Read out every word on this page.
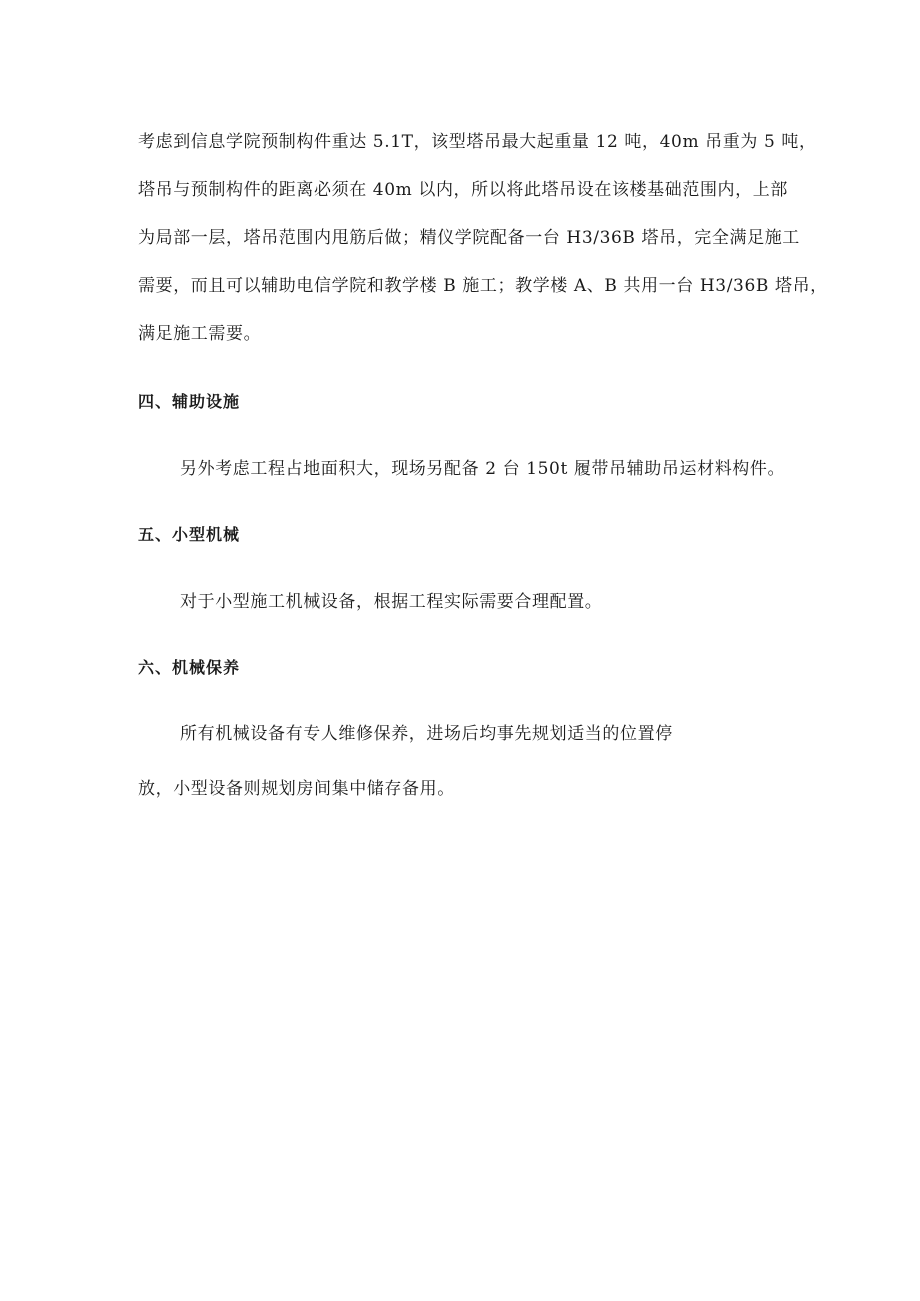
考虑到信息学院预制构件重达 5.1T，该型塔吊最大起重量 12 吨，40m 吊重为 5 吨，
塔吊与预制构件的距离必须在 40m 以内，所以将此塔吊设在该楼基础范围内，上部
为局部一层，塔吊范围内甩筋后做；精仪学院配备一台 H3/36B 塔吊，完全满足施工
需要，而且可以辅助电信学院和教学楼 B 施工；教学楼 A、B 共用一台 H3/36B 塔吊，
满足施工需要。
四、辅助设施
另外考虑工程占地面积大，现场另配备 2 台 150t 履带吊辅助吊运材料构件。
五、小型机械
对于小型施工机械设备，根据工程实际需要合理配置。
六、机械保养
所有机械设备有专人维修保养，进场后均事先规划适当的位置停
放，小型设备则规划房间集中储存备用。
